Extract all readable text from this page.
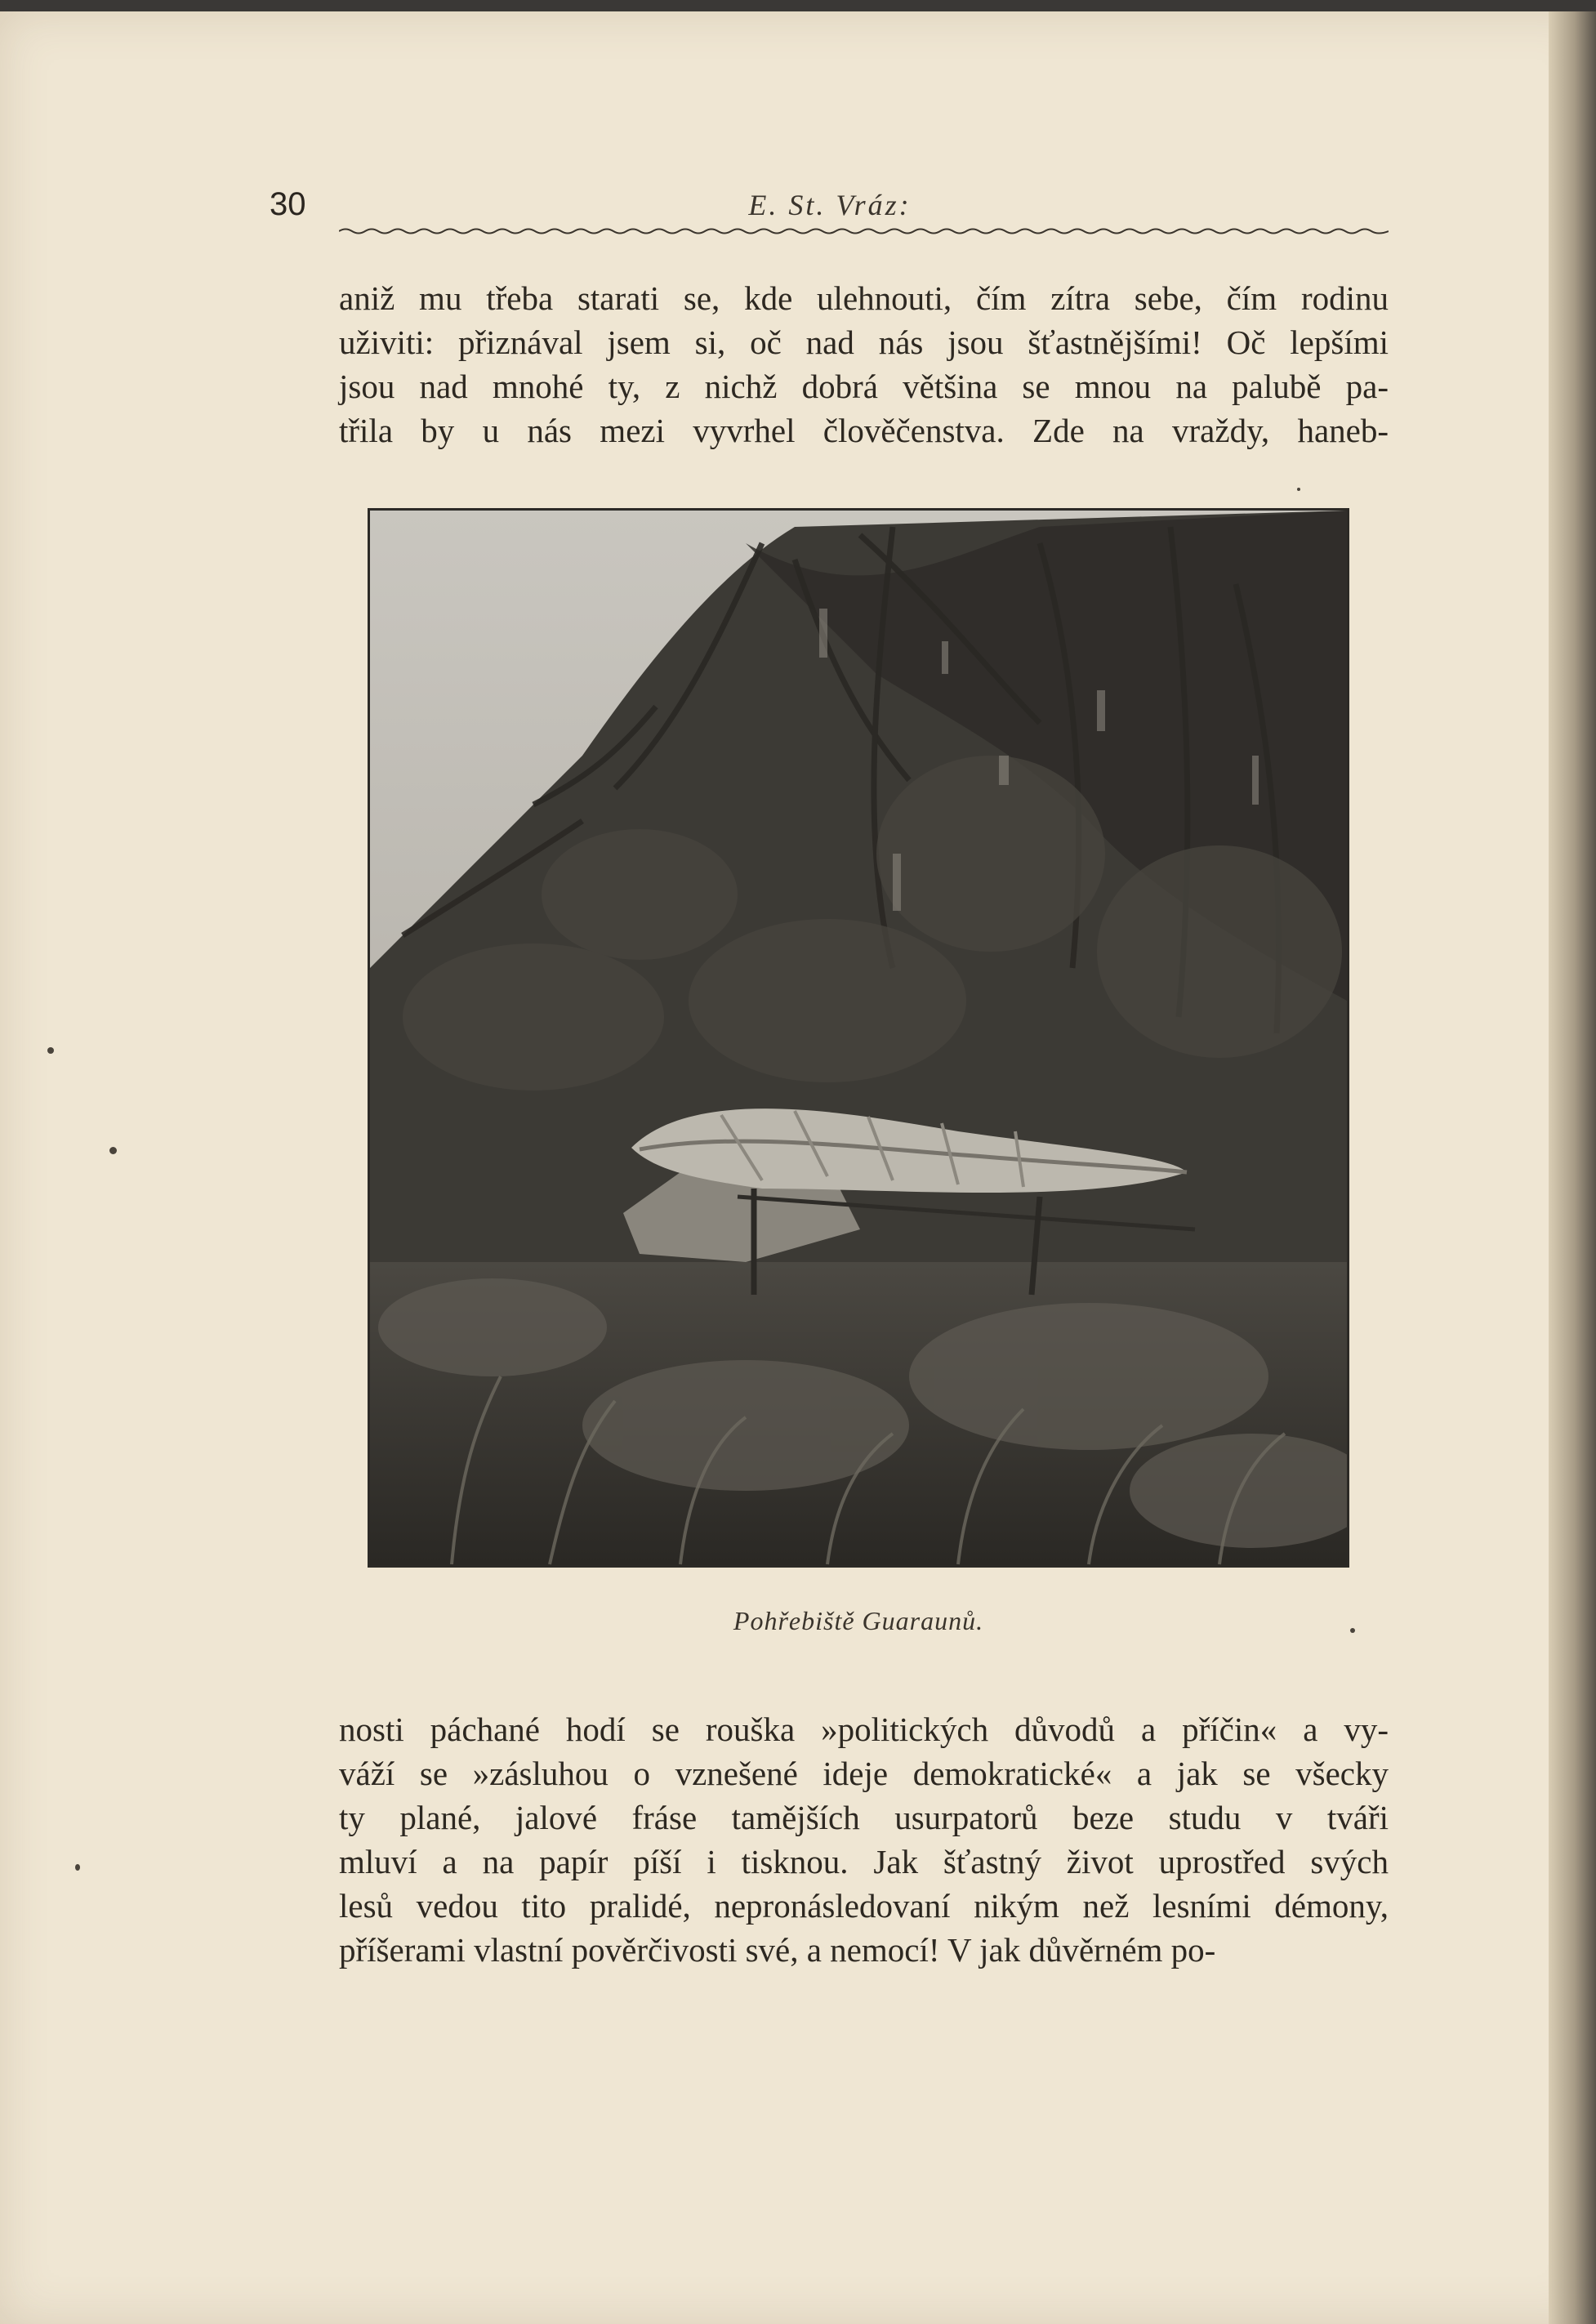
30	E. St. Vráz:
aniž mu třeba starati se, kde ulehnouti, čím zítra sebe, čím rodinu
uživiti: přiznával jsem si, oč nad nás jsou šťastnějšími! Oč lepšími
jsou nad mnohé ty, z nichž dobrá většina se mnou na palubě pa-
třila by u nás mezi vyvrhel člověčenstva. Zde na vraždy, haneb-
Pohřebiště Guaraunů.
nosti páchané hodí se rouška »politických důvodů a příčin« a vy-
váží se »zásluhou o vznešené ideje demokratické« a jak se všecky
ty plané, jalové fráse tamějších usurpatorů beze studu v tváři
mluví a na papír píší i tisknou. Jak šťastný život uprostřed svých
lesů vedou tito pralidé, nepronásledovaní nikým než lesními démony,
příšerami vlastní pověrčivosti své, a nemocí! V jak důvěrném po-
